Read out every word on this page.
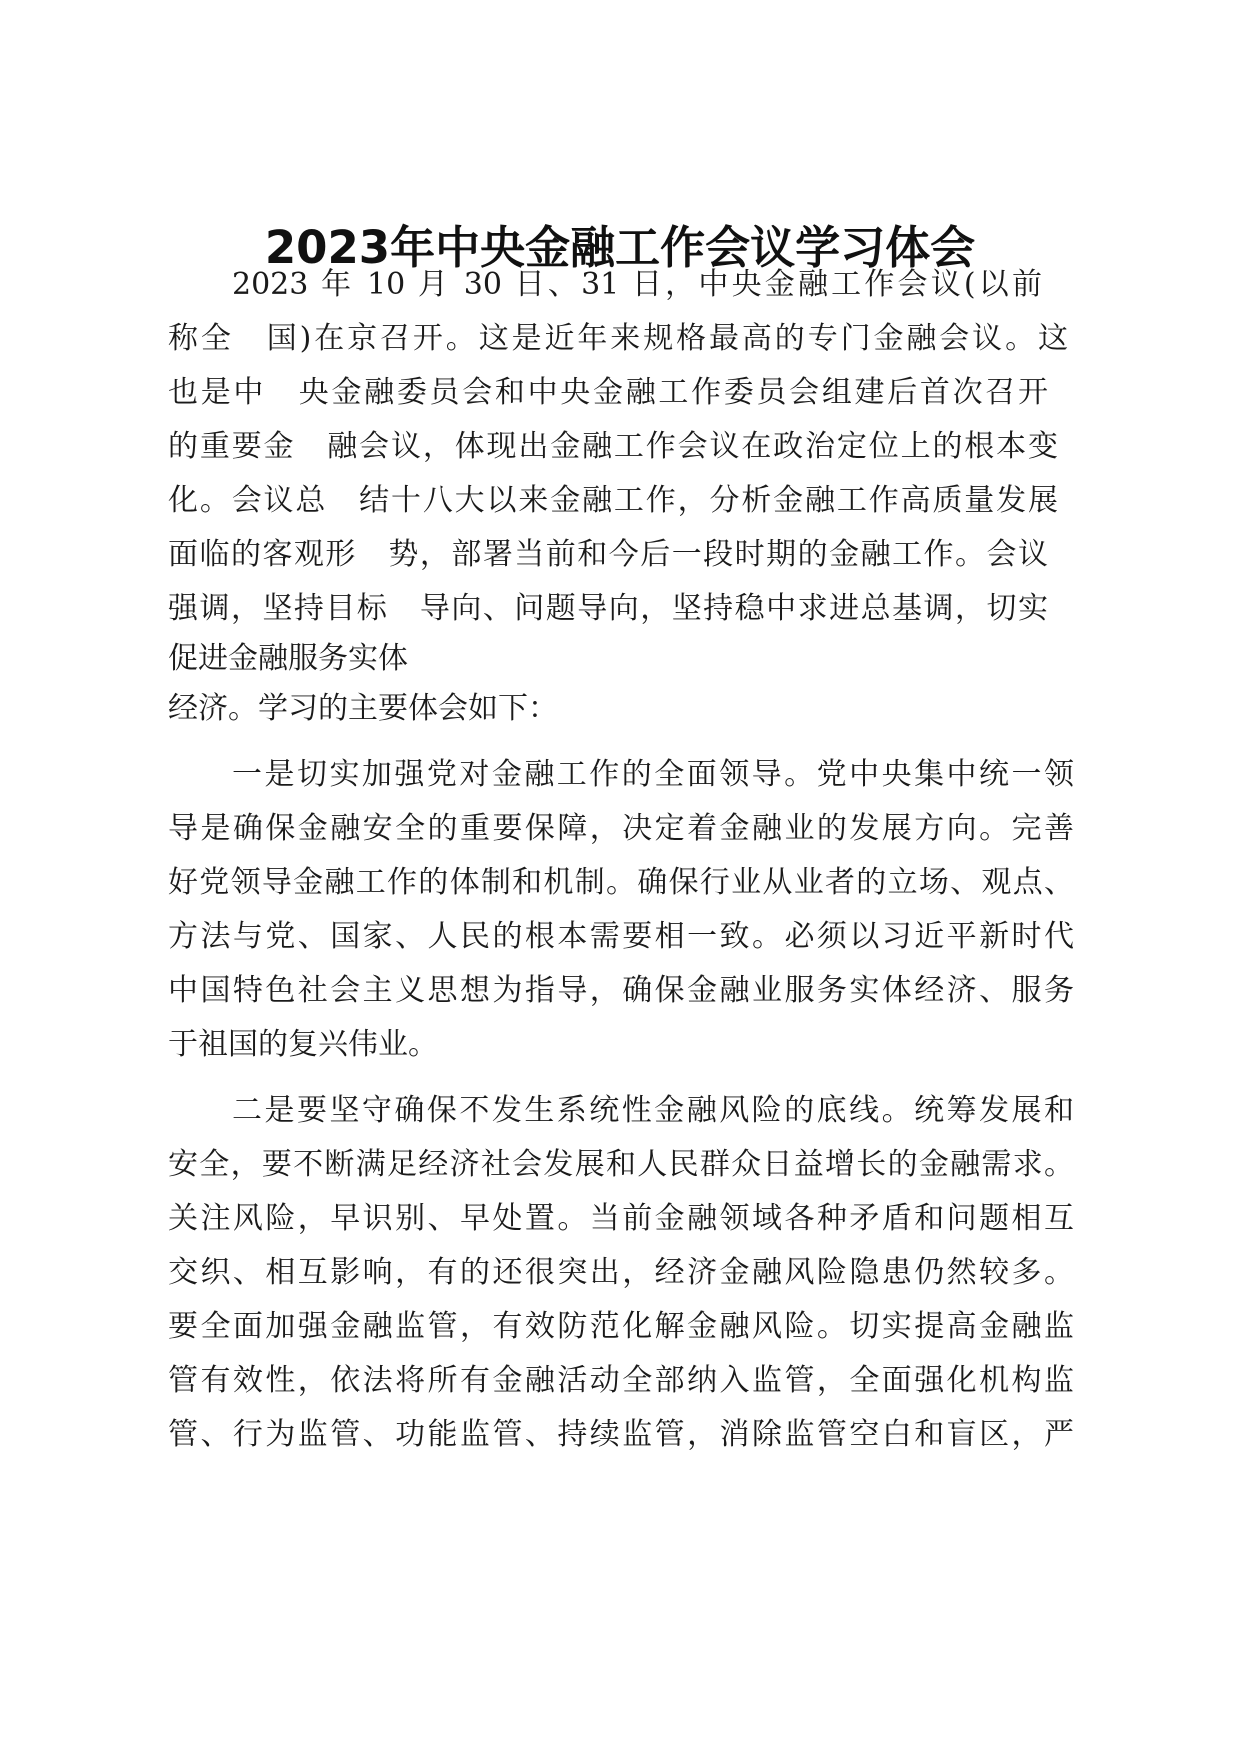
2023年中央金融工作会议学习体会
2023 年 10 月 30 日、31 日，中央金融工作会议(以前
称全　国)在京召开。这是近年来规格最高的专门金融会议。这
也是中　央金融委员会和中央金融工作委员会组建后首次召开
的重要金　融会议，体现出金融工作会议在政治定位上的根本变
化。会议总　结十八大以来金融工作，分析金融工作高质量发展
面临的客观形　势，部署当前和今后一段时期的金融工作。会议
强调，坚持目标　导向、问题导向，坚持稳中求进总基调，切实
促进金融服务实体
经济。学习的主要体会如下：
一是切实加强党对金融工作的全面领导。党中央集中统一领
导是确保金融安全的重要保障，决定着金融业的发展方向。完善
好党领导金融工作的体制和机制。确保行业从业者的立场、观点、
方法与党、国家、人民的根本需要相一致。必须以习近平新时代
中国特色社会主义思想为指导，确保金融业服务实体经济、服务
于祖国的复兴伟业。
二是要坚守确保不发生系统性金融风险的底线。统筹发展和
安全，要不断满足经济社会发展和人民群众日益增长的金融需求。
关注风险，早识别、早处置。当前金融领域各种矛盾和问题相互
交织、相互影响，有的还很突出，经济金融风险隐患仍然较多。
要全面加强金融监管，有效防范化解金融风险。切实提高金融监
管有效性，依法将所有金融活动全部纳入监管，全面强化机构监
管、行为监管、功能监管、持续监管，消除监管空白和盲区，严
